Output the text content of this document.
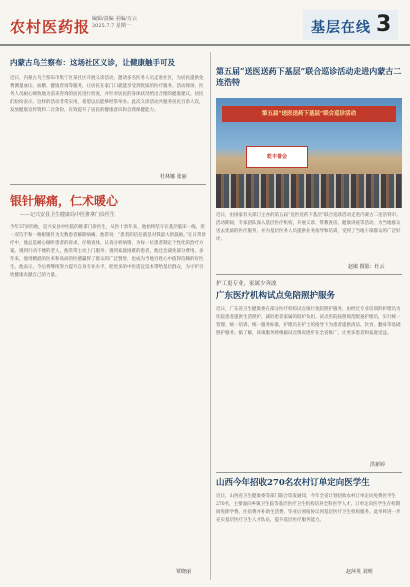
农村医药报 编辑/责编 美编/万云
2025.7.7 星期一	基层在线 3
内蒙古乌兰察布：这场社区义诊，让健康触手可及
近日，内蒙古乌兰察布市集宁区某社区开展义诊活动，邀请多名医务人员走进社区，为居民提供免费测量血压、血糖、健康咨询等服务，让居民在家门口就能享受到优质的医疗服务。活动现场，医务人员耐心细致地为前来咨询的居民进行检查，并针对居民的身体状况给出合理的健康建议。居民们纷纷表示，这样的活动非常实用，希望以后能够经常举办。此次义诊活动共服务居民百余人次，发放健康宣传资料二百余份，有效提升了居民的健康意识和自我保健能力。
杜林娜 张丽
银针解痛，仁术暖心
——记兴安县卫生健康局中医推拿门诊医生
今年37岁的他，是兴安县中医院的推拿门诊医生，从医十余年来，他始终坚守在基层临床一线，用一双巧手和一根根银针为无数患者解除病痛。他常说：“患者的信任就是对我最大的鼓励。”在日常诊疗中，他总是耐心倾听患者的诉求，仔细查体，认真分析病情，为每一位患者制定个性化的治疗方案。遇到行动不便的老人，他常常主动上门服务；遇到家庭困难的患者，他还会减免部分费用。多年来，他用精湛的医术和高尚的医德赢得了群众的广泛赞誉，也成为当地百姓心中值得信赖的好医生。他表示，今后将继续努力提升自身专业水平，把更多的中医适宜技术带给基层群众，为守护百姓健康贡献自己的力量。
覃晓丽
第五届“送医送药下基层”联合巡诊活动走进内蒙古二连浩特
第五届“送医送药下基层”联合巡诊活动
乾丰誉会
近日，由国家有关部门主办的第五届“送医送药下基层”联合巡诊活动走进内蒙古二连浩特市。活动期间，专家团队深入基层医疗机构，开展义诊、带教查房、健康讲座等活动，为当地群众送去优质的医疗服务，并为基层医务人员提供业务指导和培训，受到了当地干部群众的广泛好评。
赵敏 摄影：杜云
护工更专业，家属少奔波
广东医疗机构试点免陪照护服务
近日，广东省卫生健康委在部分医疗机构试点推行免陪照护服务，由经过专业培训的护理员为住院患者提供生活照护，减轻患者家属的陪护负担。试点医院按照规范配备护理员，实行统一管理、统一培训、统一服务标准，护理员在护士的指导下为患者提供清洁、饮食、翻身等基础照护服务。据了解，该项服务将根据试点情况逐步在全省推广，让更多患者和家庭受益。
洪新婷
山西今年招收270名农村订单定向医学生
近日，山西省卫生健康委等部门联合印发通知，今年全省计划招收农村订单定向免费医学生270名，主要面向乡镇卫生院等基层医疗卫生机构培养全科医学人才。订单定向医学生在校期间免除学费、住宿费并补助生活费，毕业后须按协议到基层医疗卫生机构服务。此举将进一步充实基层医疗卫生人才队伍，提升基层医疗服务能力。
赵萍英 刘明
